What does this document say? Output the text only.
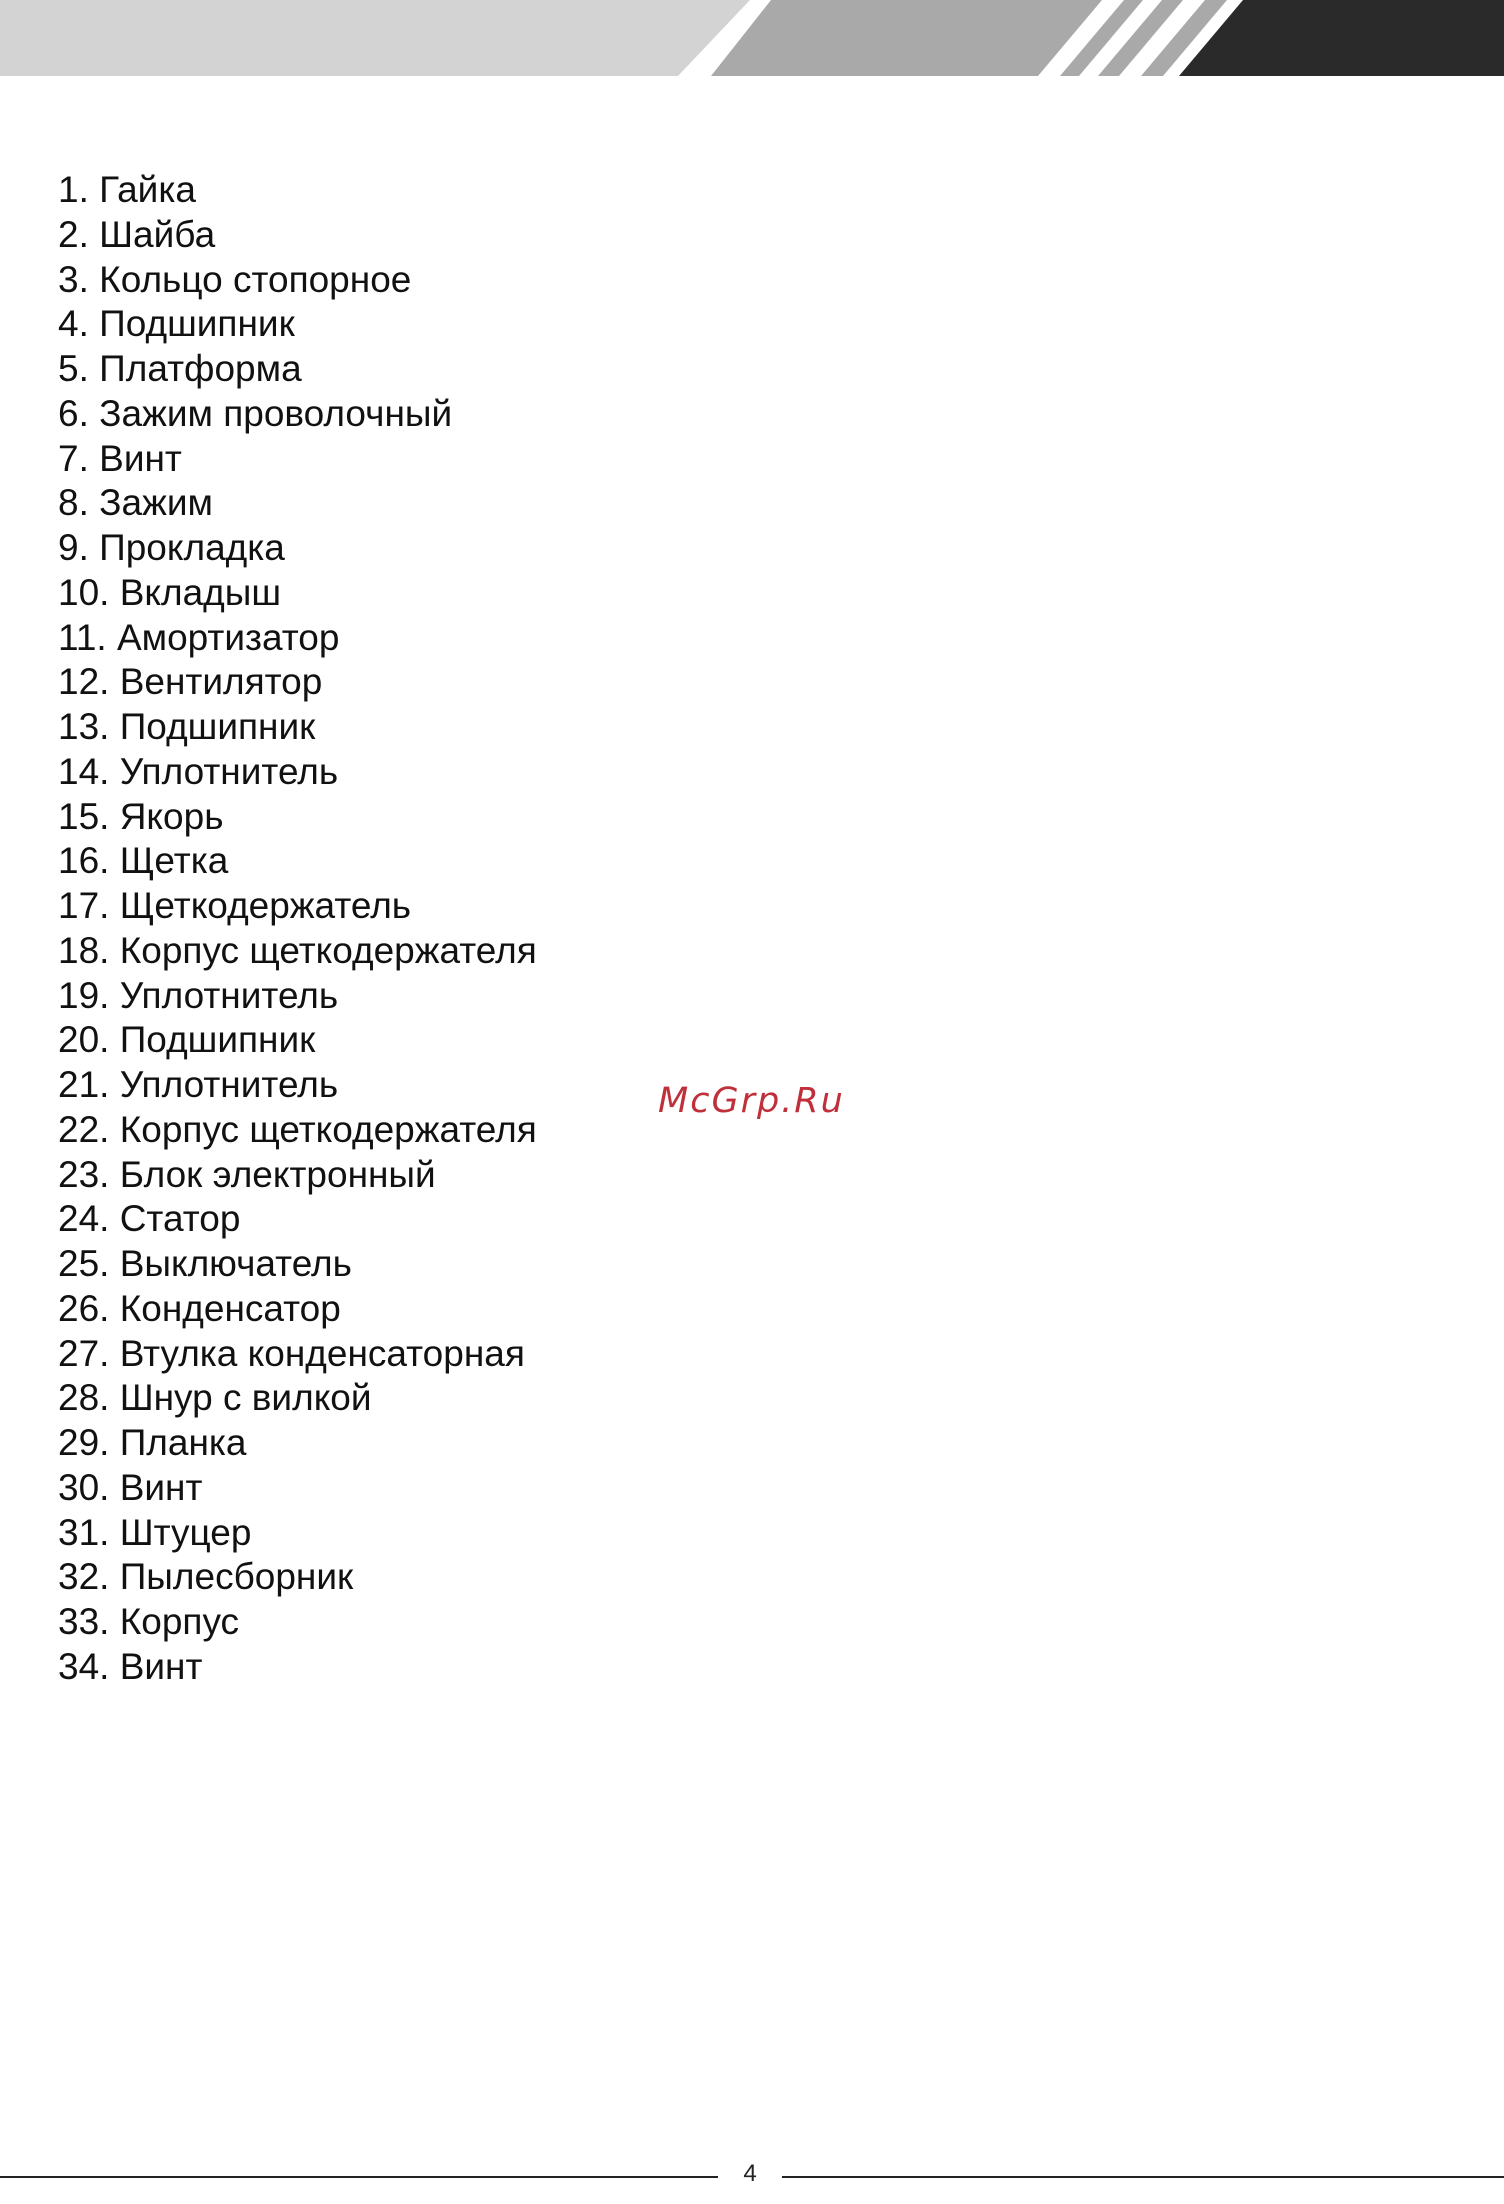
1. Гайка
2. Шайба
3. Кольцо стопорное
4. Подшипник
5. Платформа
6. Зажим проволочный
7. Винт
8. Зажим
9. Прокладка
10. Вкладыш
11. Амортизатор
12. Вентилятор
13. Подшипник
14. Уплотнитель
15. Якорь
16. Щетка
17. Щеткодержатель
18. Корпус щеткодержателя
19. Уплотнитель
20. Подшипник
21. Уплотнитель
22. Корпус щеткодержателя
23. Блок электронный
24. Статор
25. Выключатель
26. Конденсатор
27. Втулка конденсаторная
28. Шнур с вилкой
29. Планка
30. Винт
31. Штуцер
32. Пылесборник
33. Корпус
34. Винт
McGrp.Ru
4
